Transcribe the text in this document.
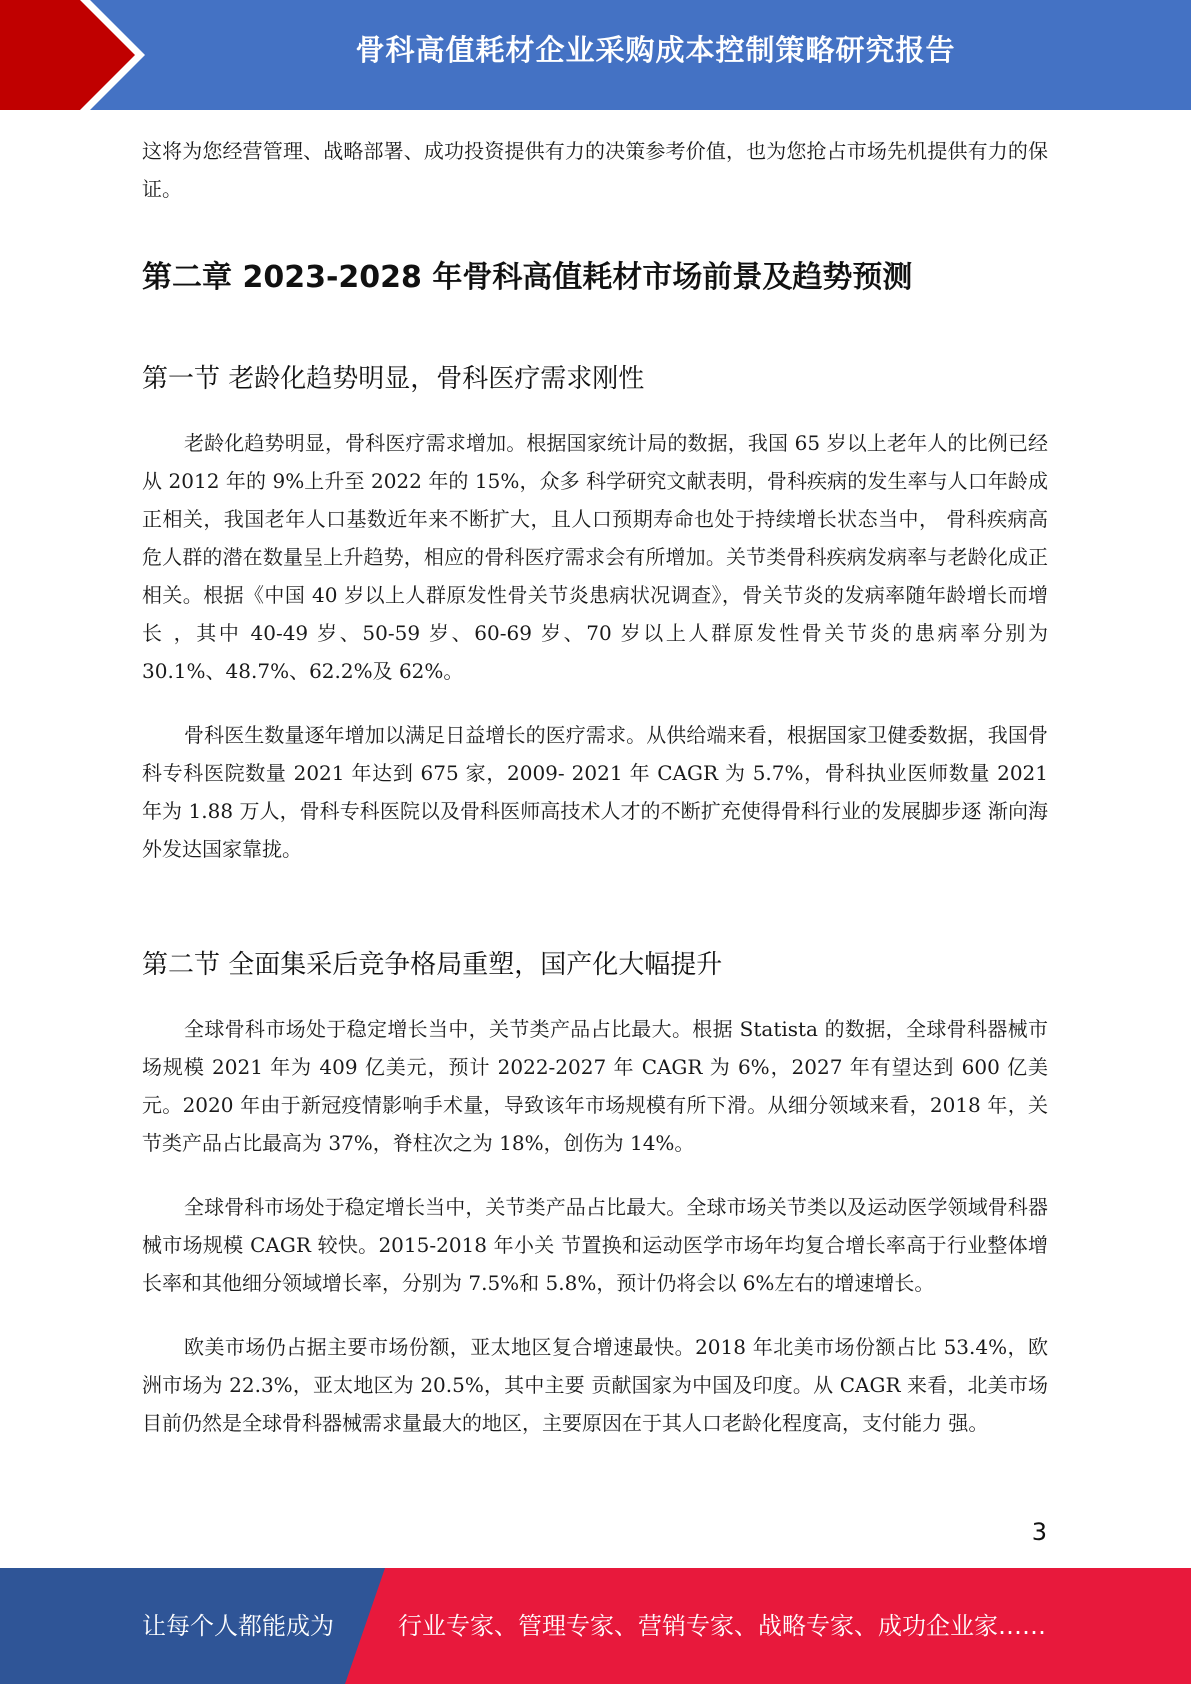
骨科高值耗材企业采购成本控制策略研究报告

这将为您经营管理、战略部署、成功投资提供有力的决策参考价值，也为您抢占市场先机提供有力的保证。

第二章 2023-2028 年骨科高值耗材市场前景及趋势预测
第一节 老龄化趋势明显，骨科医疗需求刚性

老龄化趋势明显，骨科医疗需求增加。根据国家统计局的数据，我国 65 岁以上老年人的比例已经从 2012 年的 9%上升至 2022 年的 15%，众多 科学研究文献表明，骨科疾病的发生率与人口年龄成正相关，我国老年人口基数近年来不断扩大，且人口预期寿命也处于持续增长状态当中， 骨科疾病高危人群的潜在数量呈上升趋势，相应的骨科医疗需求会有所增加。关节类骨科疾病发病率与老龄化成正相关。根据《中国 40 岁以上人群原发性骨关节炎患病状况调查》，骨关节炎的发病率随年龄增长而增长 ，其中 40-49 岁、50-59 岁、60-69 岁、70 岁以上人群原发性骨关节炎的患病率分别为 30.1%、48.7%、62.2%及 62%。

骨科医生数量逐年增加以满足日益增长的医疗需求。从供给端来看，根据国家卫健委数据，我国骨科专科医院数量 2021 年达到 675 家，2009- 2021 年 CAGR 为 5.7%，骨科执业医师数量 2021 年为 1.88 万人，骨科专科医院以及骨科医师高技术人才的不断扩充使得骨科行业的发展脚步逐 渐向海外发达国家靠拢。

第二节 全面集采后竞争格局重塑，国产化大幅提升

全球骨科市场处于稳定增长当中，关节类产品占比最大。根据 Statista 的数据，全球骨科器械市场规模 2021 年为 409 亿美元，预计 2022-2027 年 CAGR 为 6%，2027 年有望达到 600 亿美元。2020 年由于新冠疫情影响手术量，导致该年市场规模有所下滑。从细分领域来看，2018 年，关 节类产品占比最高为 37%，脊柱次之为 18%，创伤为 14%。

全球骨科市场处于稳定增长当中，关节类产品占比最大。全球市场关节类以及运动医学领域骨科器械市场规模 CAGR 较快。2015-2018 年小关 节置换和运动医学市场年均复合增长率高于行业整体增长率和其他细分领域增长率，分别为 7.5%和 5.8%，预计仍将会以 6%左右的增速增长。

欧美市场仍占据主要市场份额，亚太地区复合增速最快。2018 年北美市场份额占比 53.4%，欧洲市场为 22.3%，亚太地区为 20.5%，其中主要 贡献国家为中国及印度。从 CAGR 来看，北美市场目前仍然是全球骨科器械需求量最大的地区，主要原因在于其人口老龄化程度高，支付能力 强。

3
让每个人都能成为	行业专家、管理专家、营销专家、战略专家、成功企业家……
